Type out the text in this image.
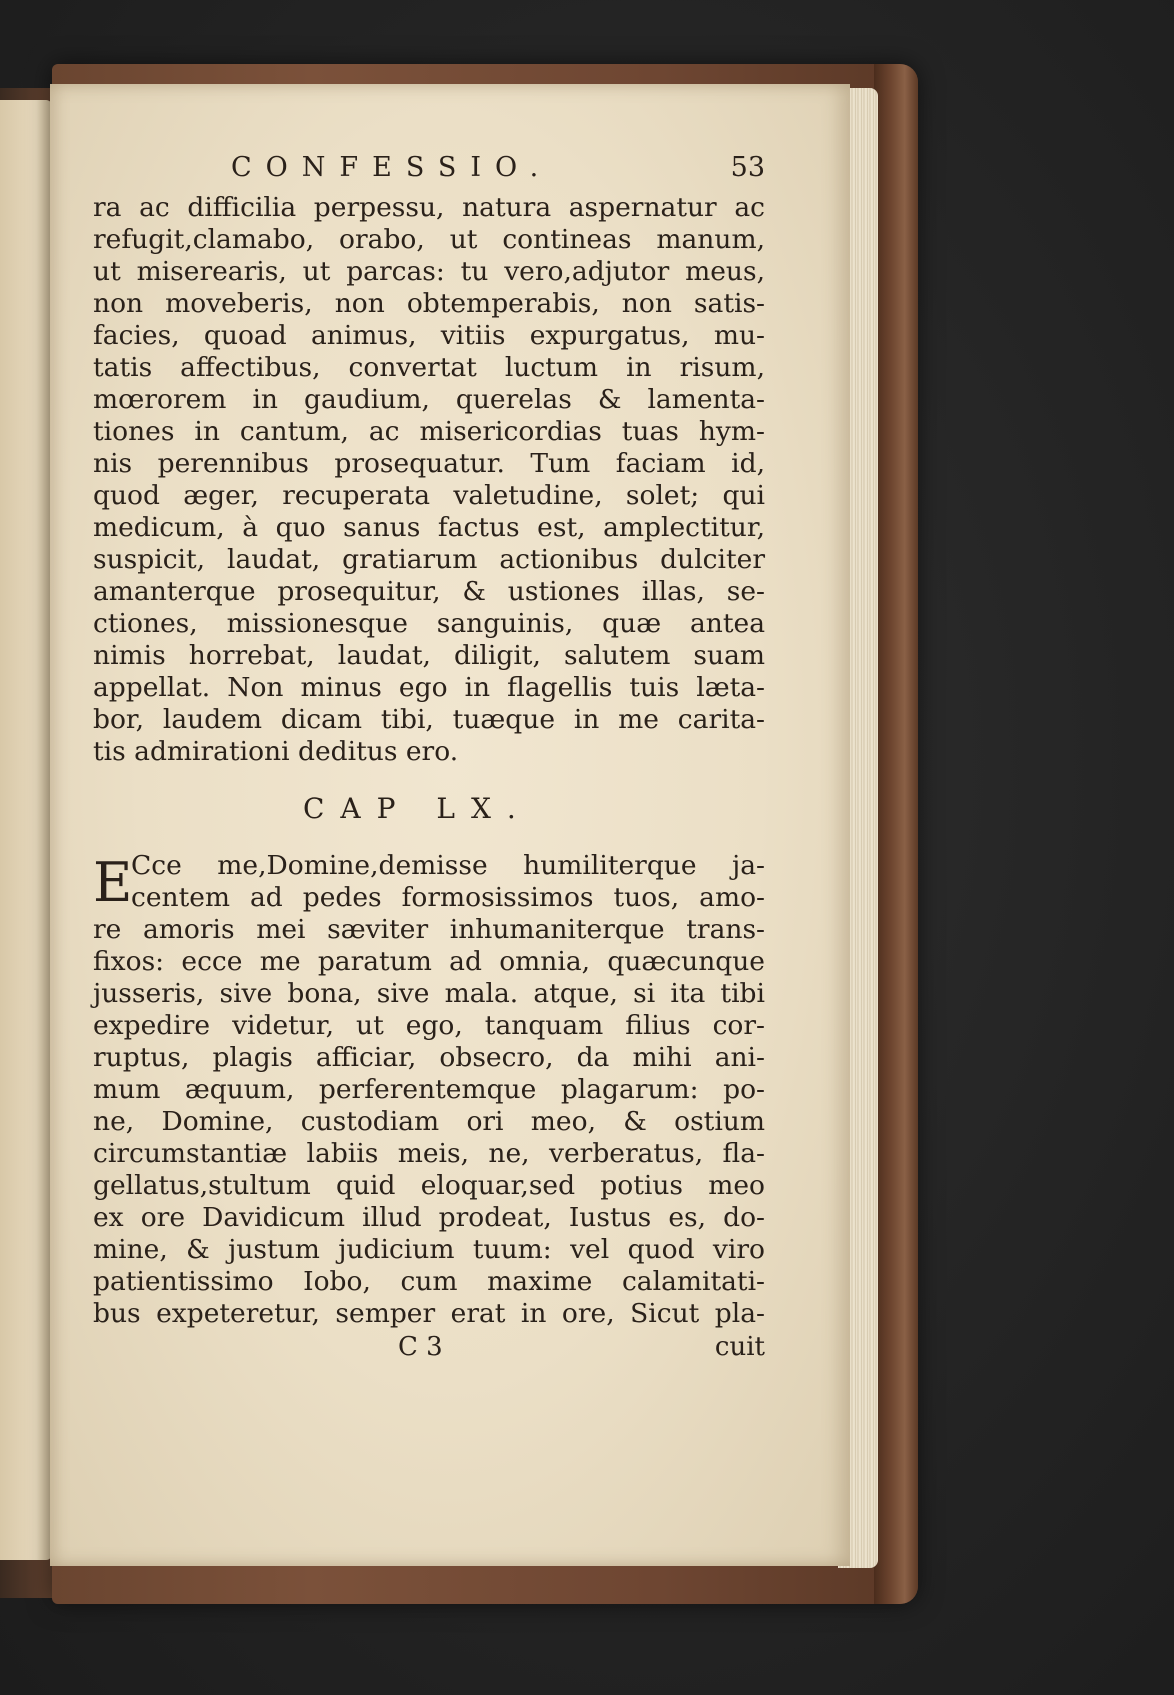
CONFESSIO.	53
ra ac difficilia perpessu, natura aspernatur ac
refugit,clamabo, orabo, ut contineas manum,
ut miserearis, ut parcas: tu vero,adjutor meus,
non moveberis, non obtemperabis, non satis-
facies, quoad animus, vitiis expurgatus, mu-
tatis affectibus, convertat luctum in risum,
mœrorem in gaudium, querelas & lamenta-
tiones in cantum, ac misericordias tuas hym-
nis perennibus prosequatur. Tum faciam id,
quod æger, recuperata valetudine, solet; qui
medicum, à quo sanus factus est, amplectitur,
suspicit, laudat, gratiarum actionibus dulciter
amanterque prosequitur, & ustiones illas, se-
ctiones, missionesque sanguinis, quæ antea
nimis horrebat, laudat, diligit, salutem suam
appellat. Non minus ego in flagellis tuis læta-
bor, laudem dicam tibi, tuæque in me carita-
tis admirationi deditus ero.
CAP LX.
E
Cce me,Domine,demisse humiliterque ja-
centem ad pedes formosissimos tuos, amo-
re amoris mei sæviter inhumaniterque trans-
fixos: ecce me paratum ad omnia, quæcunque
jusseris, sive bona, sive mala. atque, si ita tibi
expedire videtur, ut ego, tanquam filius cor-
ruptus, plagis afficiar, obsecro, da mihi ani-
mum æquum, perferentemque plagarum: po-
ne, Domine, custodiam ori meo, & ostium
circumstantiæ labiis meis, ne, verberatus, fla-
gellatus,stultum quid eloquar,sed potius meo
ex ore Davidicum illud prodeat, Iustus es, do-
mine, & justum judicium tuum: vel quod viro
patientissimo Iobo, cum maxime calamitati-
bus expeteretur, semper erat in ore, Sicut pla-
C 3	cuit
